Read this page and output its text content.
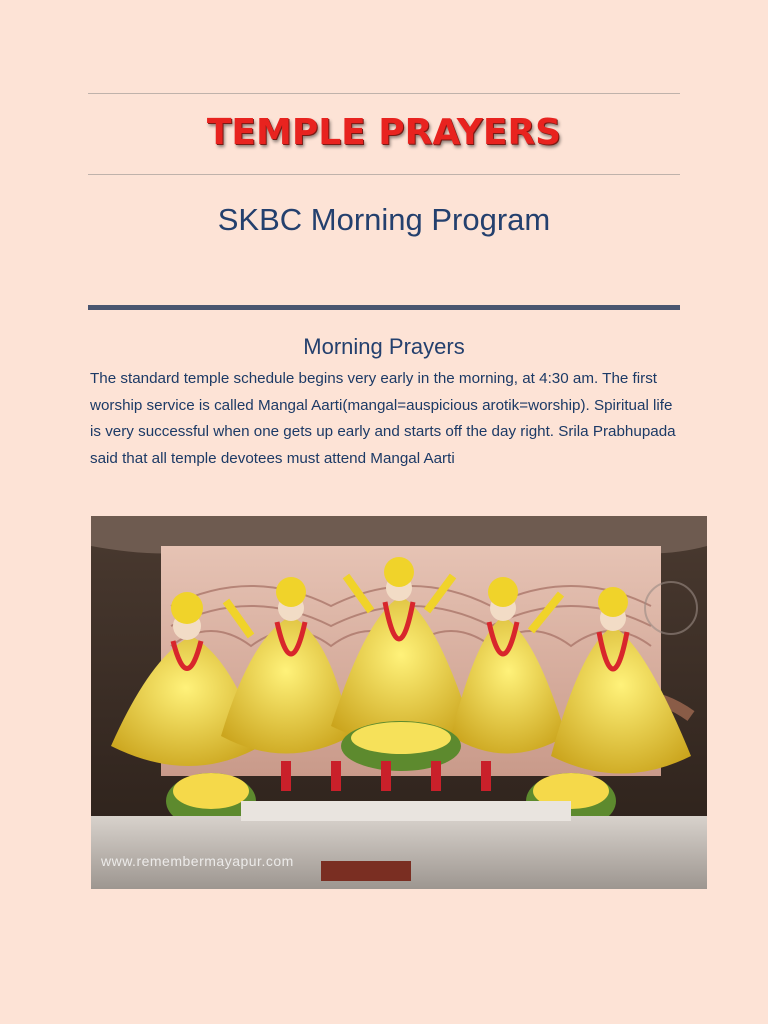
TEMPLE PRAYERS
SKBC Morning Program
Morning Prayers

The standard temple schedule begins very early in the morning, at 4:30 am. The first worship service is called Mangal Aarti(mangal=auspicious arotik=worship). Spiritual life is very successful when one gets up early and starts off the day right. Srila Prabhupada said that all temple devotees must attend Mangal Aarti

www.remembermayapur.com
